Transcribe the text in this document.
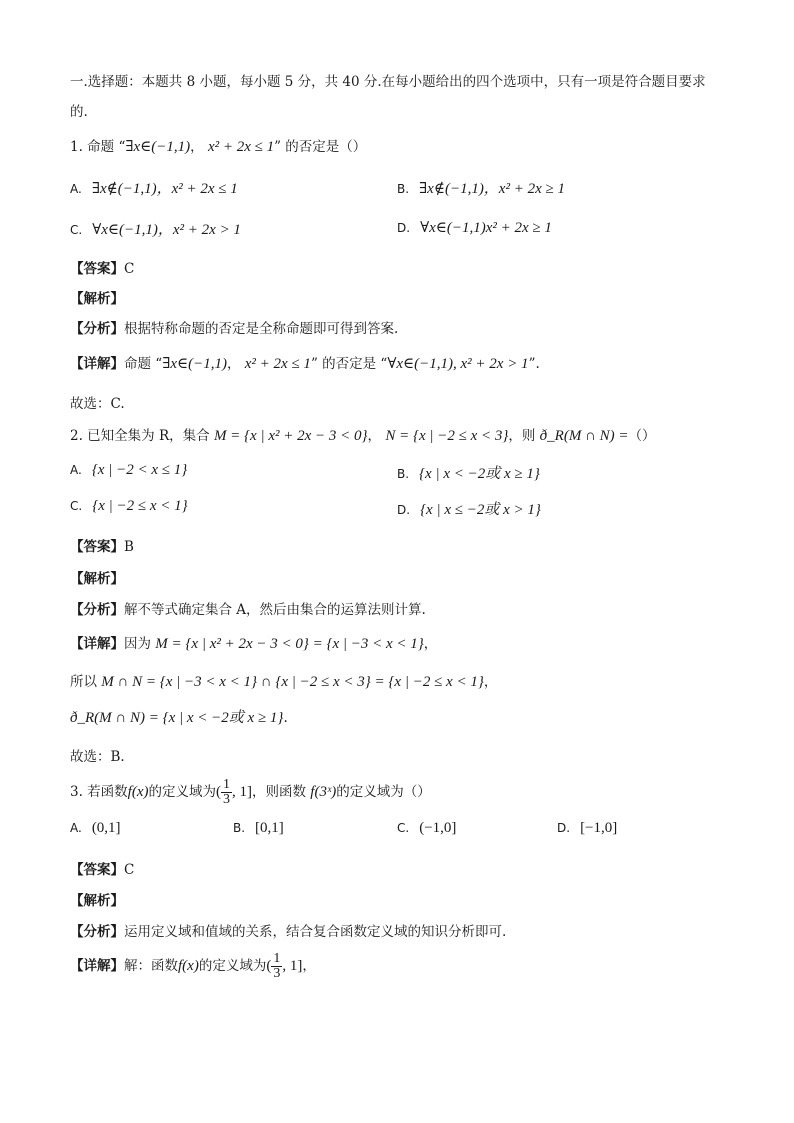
一.选择题：本题共 8 小题，每小题 5 分，共 40 分.在每小题给出的四个选项中，只有一项是符合题目要求
的.
1. 命题 “∃x∈(−1,1)， x² + 2x ≤ 1” 的否定是（）
A. ∃x∉(−1,1)，x² + 2x ≤ 1	B. ∃x∉(−1,1)，x² + 2x ≥ 1
C. ∀x∈(−1,1)，x² + 2x > 1	D. ∀x∈(−1,1)x² + 2x ≥ 1
【答案】C
【解析】
【分析】根据特称命题的否定是全称命题即可得到答案.
【详解】命题 “∃x∈(−1,1)， x² + 2x ≤ 1” 的否定是 “∀x∈(−1,1), x² + 2x > 1”.
故选：C.
2. 已知全集为 R，集合 M = {x | x² + 2x − 3 < 0}， N = {x | −2 ≤ x < 3}，则 ð_R(M ∩ N) =（）
A. {x | −2 < x ≤ 1}	B. {x | x < −2或 x ≥ 1}
C. {x | −2 ≤ x < 1}	D. {x | x ≤ −2或 x > 1}
【答案】B
【解析】
【分析】解不等式确定集合 A，然后由集合的运算法则计算.
【详解】因为 M = {x | x² + 2x − 3 < 0} = {x | −3 < x < 1}，
所以 M ∩ N = {x | −3 < x < 1} ∩ {x | −2 ≤ x < 3} = {x | −2 ≤ x < 1}，
ð_R(M ∩ N) = {x | x < −2或 x ≥ 1}.
故选：B.
3. 若函数f(x)的定义域为( $\frac{1}{3}$ , 1]，则函数 f(3ˣ)的定义域为（）
A. (0,1]	B. [0,1]	C. (−1,0]	D. [−1,0]
【答案】C
【解析】
【分析】运用定义域和值域的关系，结合复合函数定义域的知识分析即可.
【详解】解：函数f(x)的定义域为( $\frac{1}{3}$ , 1]，
